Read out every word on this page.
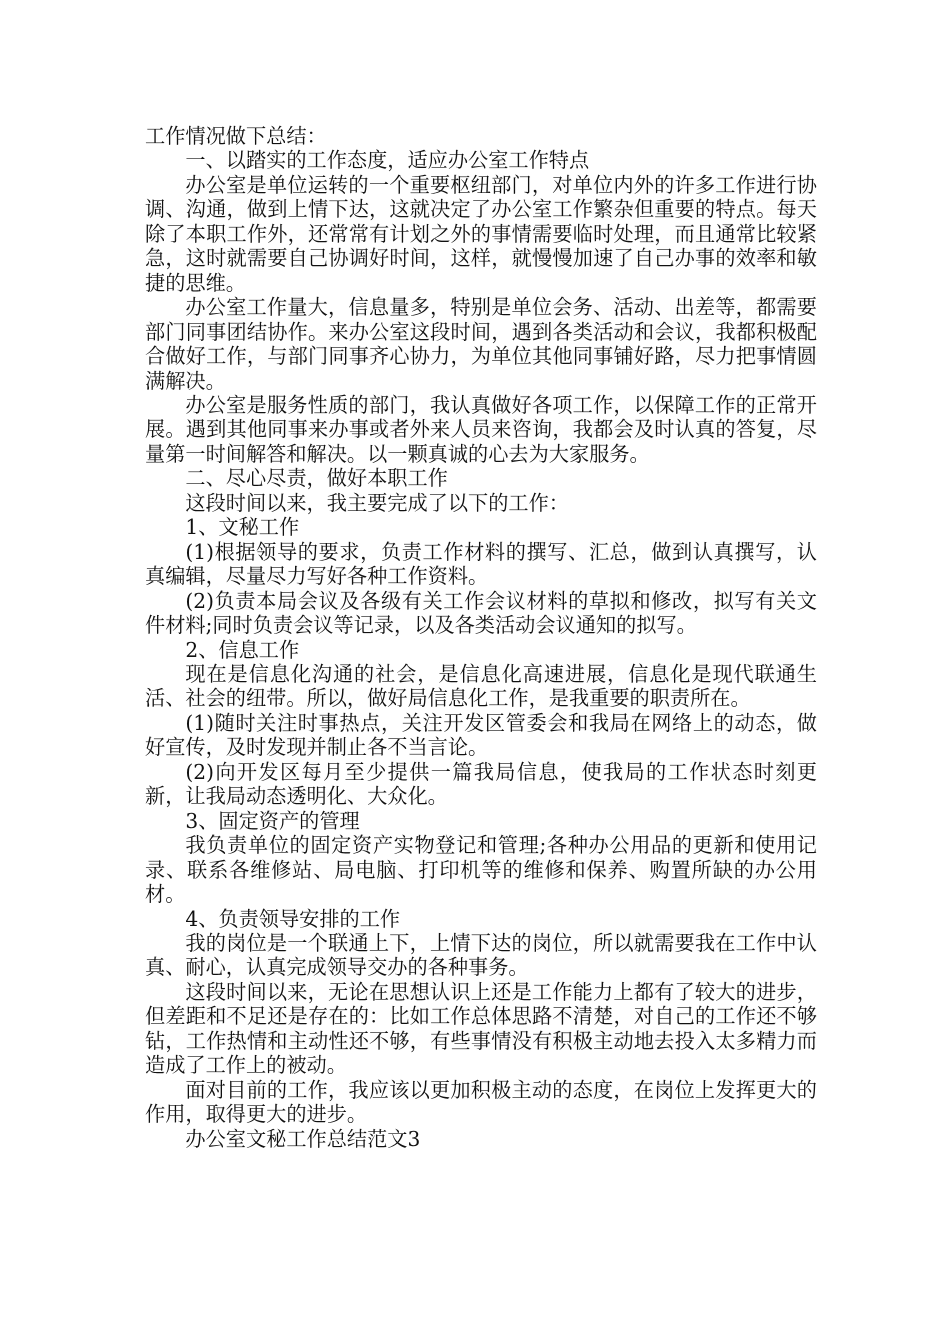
工作情况做下总结：

一、以踏实的工作态度，适应办公室工作特点

办公室是单位运转的一个重要枢纽部门，对单位内外的许多工作进行协调、沟通，做到上情下达，这就决定了办公室工作繁杂但重要的特点。每天除了本职工作外，还常常有计划之外的事情需要临时处理，而且通常比较紧急，这时就需要自己协调好时间，这样，就慢慢加速了自己办事的效率和敏捷的思维。

办公室工作量大，信息量多，特别是单位会务、活动、出差等，都需要部门同事团结协作。来办公室这段时间，遇到各类活动和会议，我都积极配合做好工作，与部门同事齐心协力，为单位其他同事铺好路，尽力把事情圆满解决。

办公室是服务性质的部门，我认真做好各项工作，以保障工作的正常开展。遇到其他同事来办事或者外来人员来咨询，我都会及时认真的答复，尽量第一时间解答和解决。以一颗真诚的心去为大家服务。

二、尽心尽责，做好本职工作

这段时间以来，我主要完成了以下的工作：

1、文秘工作

(1)根据领导的要求，负责工作材料的撰写、汇总，做到认真撰写，认真编辑，尽量尽力写好各种工作资料。

(2)负责本局会议及各级有关工作会议材料的草拟和修改，拟写有关文件材料;同时负责会议等记录，以及各类活动会议通知的拟写。

2、信息工作

现在是信息化沟通的社会，是信息化高速进展，信息化是现代联通生活、社会的纽带。所以，做好局信息化工作，是我重要的职责所在。

(1)随时关注时事热点，关注开发区管委会和我局在网络上的动态，做好宣传，及时发现并制止各不当言论。

(2)向开发区每月至少提供一篇我局信息，使我局的工作状态时刻更新，让我局动态透明化、大众化。

3、固定资产的管理

我负责单位的固定资产实物登记和管理;各种办公用品的更新和使用记录、联系各维修站、局电脑、打印机等的维修和保养、购置所缺的办公用材。

4、负责领导安排的工作

我的岗位是一个联通上下，上情下达的岗位，所以就需要我在工作中认真、耐心，认真完成领导交办的各种事务。

这段时间以来，无论在思想认识上还是工作能力上都有了较大的进步，但差距和不足还是存在的：比如工作总体思路不清楚，对自己的工作还不够钻，工作热情和主动性还不够，有些事情没有积极主动地去投入太多精力而造成了工作上的被动。

面对目前的工作，我应该以更加积极主动的态度，在岗位上发挥更大的作用，取得更大的进步。

办公室文秘工作总结范文3
